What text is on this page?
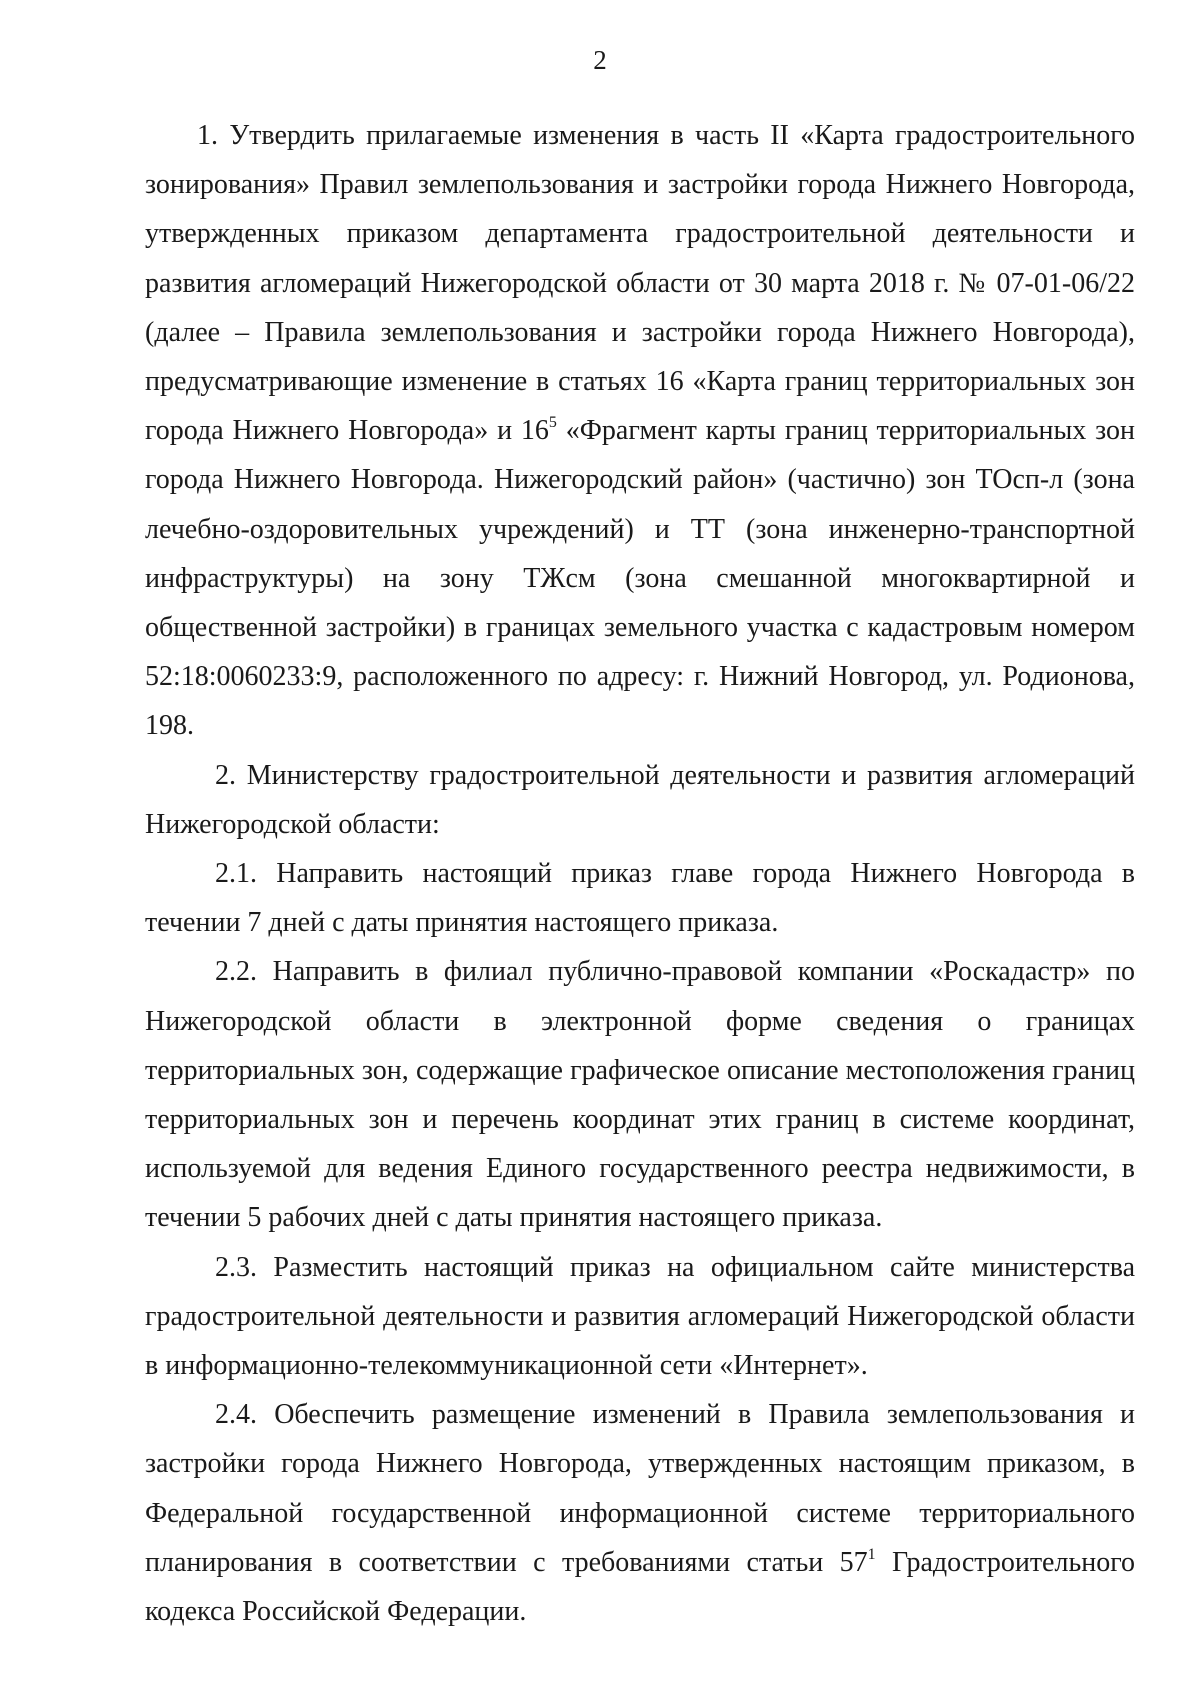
2

1. Утвердить прилагаемые изменения в часть II «Карта градостроительного зонирования» Правил землепользования и застройки города Нижнего Новгорода, утвержденных приказом департамента градостроительной деятельности и развития агломераций Нижегородской области от 30 марта 2018 г. № 07-01-06/22 (далее – Правила землепользования и застройки города Нижнего Новгорода), предусматривающие изменение в статьях 16 «Карта границ территориальных зон города Нижнего Новгорода» и $16^5$ «Фрагмент карты границ территориальных зон города Нижнего Новгорода. Нижегородский район» (частично) зон ТОсп-л (зона лечебно-оздоровительных учреждений) и ТТ (зона инженерно-транспортной инфраструктуры) на зону ТЖсм (зона смешанной многоквартирной и общественной застройки) в границах земельного участка с кадастровым номером 52:18:0060233:9, расположенного по адресу: г. Нижний Новгород, ул. Родионова, 198.

2. Министерству градостроительной деятельности и развития агломераций Нижегородской области:

2.1. Направить настоящий приказ главе города Нижнего Новгорода в течении 7 дней с даты принятия настоящего приказа.

2.2. Направить в филиал публично-правовой компании «Роскадастр» по Нижегородской области в электронной форме сведения о границах территориальных зон, содержащие графическое описание местоположения границ территориальных зон и перечень координат этих границ в системе координат, используемой для ведения Единого государственного реестра недвижимости, в течении 5 рабочих дней с даты принятия настоящего приказа.

2.3. Разместить настоящий приказ на официальном сайте министерства градостроительной деятельности и развития агломераций Нижегородской области в информационно-телекоммуникационной сети «Интернет».

2.4. Обеспечить размещение изменений в Правила землепользования и застройки города Нижнего Новгорода, утвержденных настоящим приказом, в Федеральной государственной информационной системе территориального планирования в соответствии с требованиями статьи $57^1$ Градостроительного кодекса Российской Федерации.
